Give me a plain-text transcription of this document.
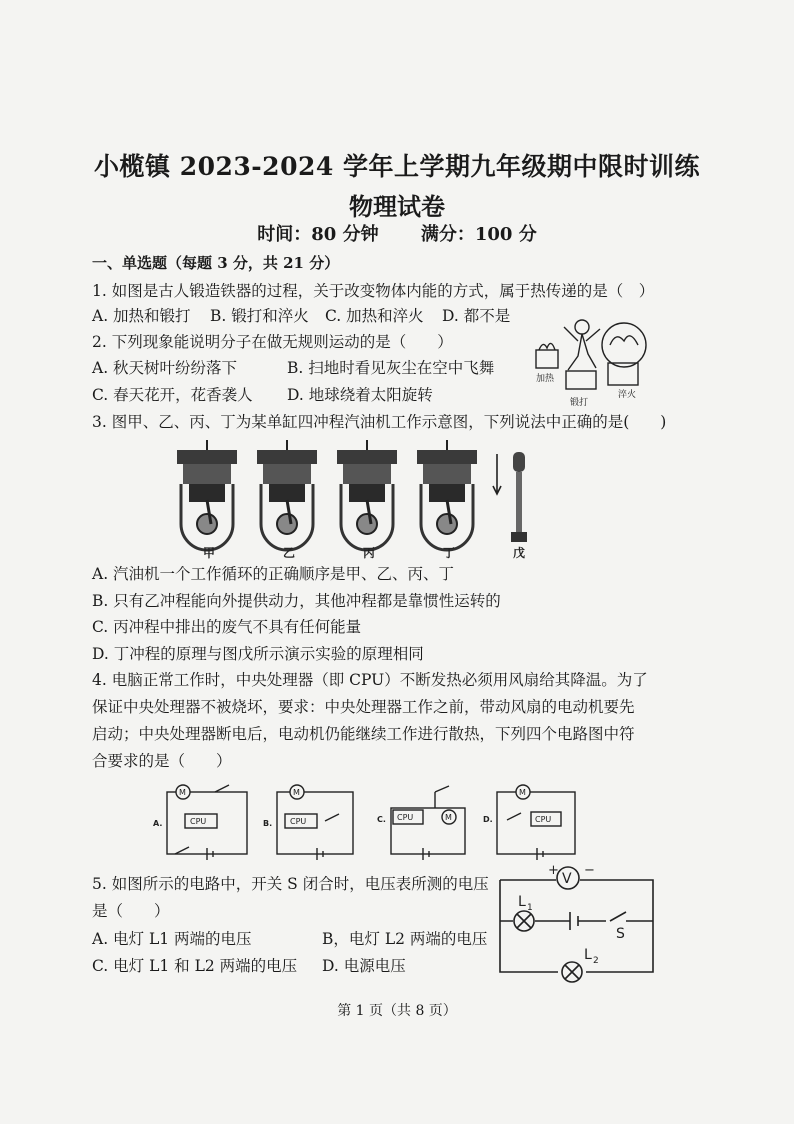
小榄镇 2023-2024 学年上学期九年级期中限时训练
物理试卷
时间：80 分钟 满分：100 分
一、单选题（每题 3 分，共 21 分）
1. 如图是古人锻造铁器的过程，关于改变物体内能的方式，属于热传递的是（　）
A. 加热和锻打 B. 锻打和淬火 C. 加热和淬火 D. 都不是
加热
锻打
淬火
2. 下列现象能说明分子在做无规则运动的是（　　）
A. 秋天树叶纷纷落下	B. 扫地时看见灰尘在空中飞舞
C. 春天花开，花香袭人 D. 地球绕着太阳旋转
3. 图甲、乙、丙、丁为某单缸四冲程汽油机工作示意图，下列说法中正确的是(　　)
甲	乙	丙	丁	戊
A. 汽油机一个工作循环的正确顺序是甲、乙、丙、丁
B. 只有乙冲程能向外提供动力，其他冲程都是靠惯性运转的
C. 丙冲程中排出的废气不具有任何能量
D. 丁冲程的原理与图戊所示演示实验的原理相同
4. 电脑正常工作时，中央处理器（即 CPU）不断发热必须用风扇给其降温。为了
保证中央处理器不被烧坏，要求：中央处理器工作之前，带动风扇的电动机要先
启动；中央处理器断电后，电动机仍能继续工作进行散热，下列四个电路图中符
合要求的是（　　）
A.	B.	C.	D.
CPU	CPU	CPU	CPU
M	M
M
M
5. 如图所示的电路中，开关 S 闭合时，电压表所测的电压
是（　　）
A. 电灯 L1 两端的电压	B，电灯 L2 两端的电压
C. 电灯 L1 和 L2 两端的电压 D. 电源电压
+
V
−
L 1
L 2
S
第 1 页（共 8 页）
